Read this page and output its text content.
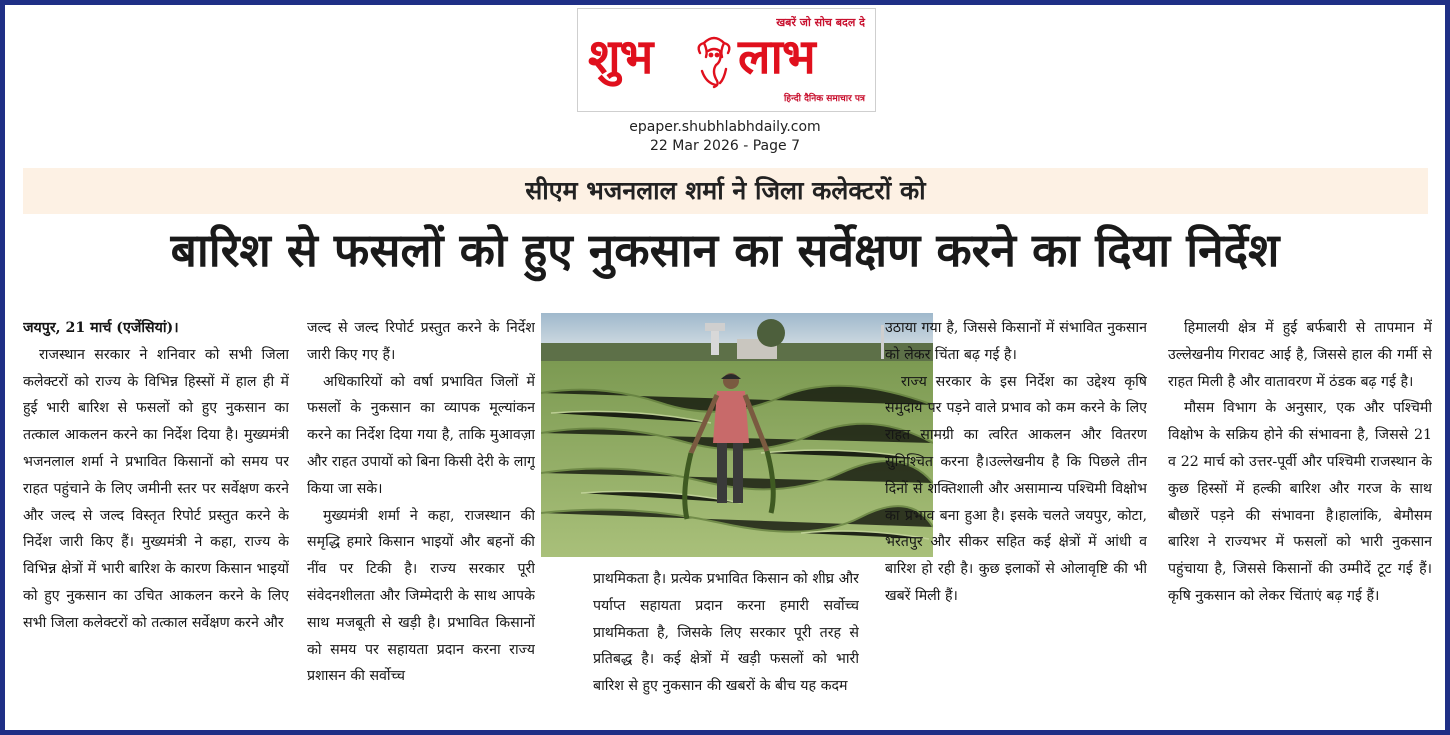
खबरें जो सोच बदल दे
शुभ लाभ
हिन्दी दैनिक समाचार पत्र
epaper.shubhlabhdaily.com
22 Mar 2026 - Page 7
सीएम भजनलाल शर्मा ने जिला कलेक्टरों को
बारिश से फसलों को हुए नुकसान का सर्वेक्षण करने का दिया निर्देश

जयपुर, 21 मार्च (एजेंसियां)।

राजस्थान सरकार ने शनिवार को सभी जिला कलेक्टरों को राज्य के विभिन्न हिस्सों में हाल ही में हुई भारी बारिश से फसलों को हुए नुकसान का तत्काल आकलन करने का निर्देश दिया है। मुख्यमंत्री भजनलाल शर्मा ने प्रभावित किसानों को समय पर राहत पहुंचाने के लिए जमीनी स्तर पर सर्वेक्षण करने और जल्द से जल्द विस्तृत रिपोर्ट प्रस्तुत करने के निर्देश जारी किए हैं। मुख्यमंत्री ने कहा, राज्य के विभिन्न क्षेत्रों में भारी बारिश के कारण किसान भाइयों को हुए नुकसान का उचित आकलन करने के लिए सभी जिला कलेक्टरों को तत्काल सर्वेक्षण करने और

जल्द से जल्द रिपोर्ट प्रस्तुत करने के निर्देश जारी किए गए हैं।

अधिकारियों को वर्षा प्रभावित जिलों में फसलों के नुकसान का व्यापक मूल्यांकन करने का निर्देश दिया गया है, ताकि मुआवज़ा और राहत उपायों को बिना किसी देरी के लागू किया जा सके।

मुख्यमंत्री शर्मा ने कहा, राजस्थान की समृद्धि हमारे किसान भाइयों और बहनों की नींव पर टिकी है। राज्य सरकार पूरी संवेदनशीलता और जिम्मेदारी के साथ आपके साथ मजबूती से खड़ी है। प्रभावित किसानों को समय पर सहायता प्रदान करना राज्य प्रशासन की सर्वोच्च

प्राथमिकता है। प्रत्येक प्रभावित किसान को शीघ्र और पर्याप्त सहायता प्रदान करना हमारी सर्वोच्च प्राथमिकता है, जिसके लिए सरकार पूरी तरह से प्रतिबद्ध है। कई क्षेत्रों में खड़ी फसलों को भारी बारिश से हुए नुकसान की खबरों के बीच यह कदम

उठाया गया है, जिससे किसानों में संभावित नुकसान को लेकर चिंता बढ़ गई है।

राज्य सरकार के इस निर्देश का उद्देश्य कृषि समुदाय पर पड़ने वाले प्रभाव को कम करने के लिए राहत सामग्री का त्वरित आकलन और वितरण सुनिश्चित करना है।उल्लेखनीय है कि पिछले तीन दिनों से शक्तिशाली और असामान्य पश्चिमी विक्षोभ का प्रभाव बना हुआ है। इसके चलते जयपुर, कोटा, भरतपुर और सीकर सहित कई क्षेत्रों में आंधी व बारिश हो रही है। कुछ इलाकों से ओलावृष्टि की भी खबरें मिली हैं।

हिमालयी क्षेत्र में हुई बर्फबारी से तापमान में उल्लेखनीय गिरावट आई है, जिससे हाल की गर्मी से राहत मिली है और वातावरण में ठंडक बढ़ गई है।

मौसम विभाग के अनुसार, एक और पश्चिमी विक्षोभ के सक्रिय होने की संभावना है, जिससे 21 व 22 मार्च को उत्तर-पूर्वी और पश्चिमी राजस्थान के कुछ हिस्सों में हल्की बारिश और गरज के साथ बौछारें पड़ने की संभावना है।हालांकि, बेमौसम बारिश ने राज्यभर में फसलों को भारी नुकसान पहुंचाया है, जिससे किसानों की उम्मीदें टूट गई हैं। कृषि नुकसान को लेकर चिंताएं बढ़ गई हैं।
